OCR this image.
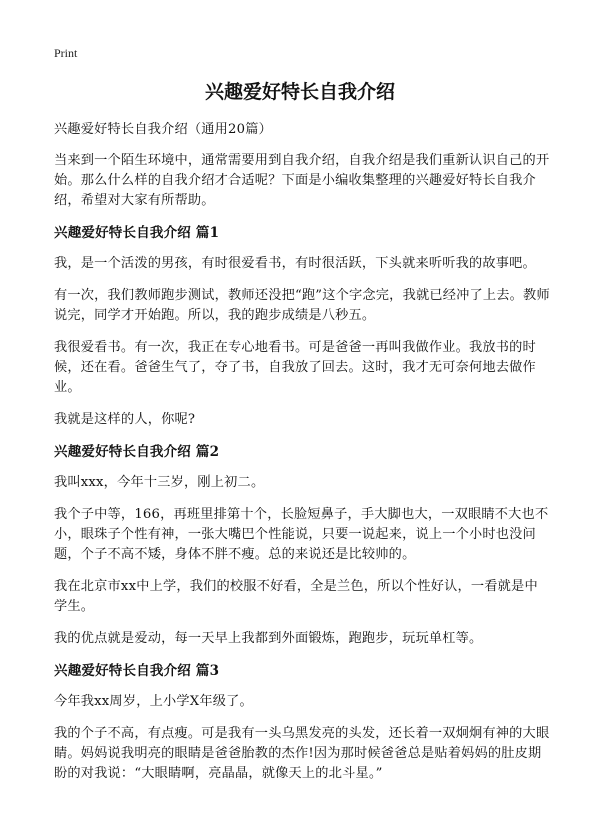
Print
兴趣爱好特长自我介绍

兴趣爱好特长自我介绍（通用20篇）

当来到一个陌生环境中，通常需要用到自我介绍，自我介绍是我们重新认识自己的开始。那么什么样的自我介绍才合适呢？下面是小编收集整理的兴趣爱好特长自我介绍，希望对大家有所帮助。

兴趣爱好特长自我介绍 篇1

我，是一个活泼的男孩，有时很爱看书，有时很活跃，下头就来听听我的故事吧。

有一次，我们教师跑步测试，教师还没把“跑”这个字念完，我就已经冲了上去。教师说完，同学才开始跑。所以，我的跑步成绩是八秒五。

我很爱看书。有一次，我正在专心地看书。可是爸爸一再叫我做作业。我放书的时候，还在看。爸爸生气了，夺了书，自我放了回去。这时，我才无可奈何地去做作业。

我就是这样的人，你呢?

兴趣爱好特长自我介绍 篇2

我叫xxx，今年十三岁，刚上初二。

我个子中等，166，再班里排第十个，长脸短鼻子，手大脚也大，一双眼睛不大也不小，眼珠子个性有神，一张大嘴巴个性能说，只要一说起来，说上一个小时也没问题，个子不高不矮，身体不胖不瘦。总的来说还是比较帅的。

我在北京市xx中上学，我们的校服不好看，全是兰色，所以个性好认，一看就是中学生。

我的优点就是爱动，每一天早上我都到外面锻炼，跑跑步，玩玩单杠等。

兴趣爱好特长自我介绍 篇3

今年我xx周岁，上小学X年级了。

我的个子不高，有点瘦。可是我有一头乌黑发亮的头发，还长着一双炯炯有神的大眼睛。妈妈说我明亮的眼睛是爸爸胎教的杰作!因为那时候爸爸总是贴着妈妈的肚皮期盼的对我说：“大眼睛啊，亮晶晶，就像天上的北斗星。”
